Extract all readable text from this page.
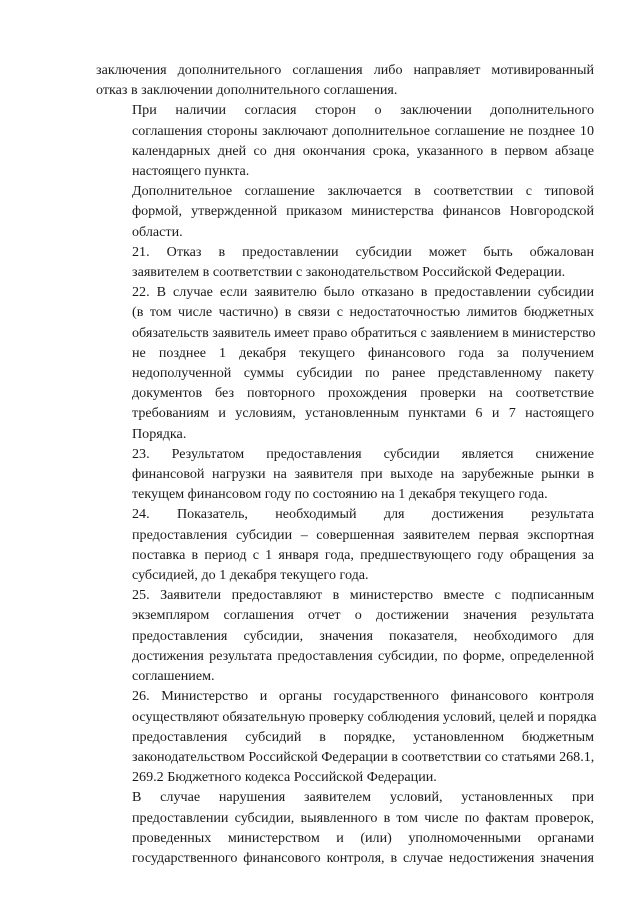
заключения дополнительного соглашения либо направляет мотивированный
отказ в заключении дополнительного соглашения.
При наличии согласия сторон о заключении дополнительного
соглашения стороны заключают дополнительное соглашение не позднее 10
календарных дней со дня окончания срока, указанного в первом абзаце
настоящего пункта.
Дополнительное соглашение заключается в соответствии с типовой
формой, утвержденной приказом министерства финансов Новгородской
области.
21. Отказ в предоставлении субсидии может быть обжалован
заявителем в соответствии с законодательством Российской Федерации.
22. В случае если заявителю было отказано в предоставлении субсидии
(в том числе частично) в связи с недостаточностью лимитов бюджетных
обязательств заявитель имеет право обратиться с заявлением в министерство
не позднее 1 декабря текущего финансового года за получением
недополученной суммы субсидии по ранее представленному пакету
документов без повторного прохождения проверки на соответствие
требованиям и условиям, установленным пунктами 6 и 7 настоящего
Порядка.
23. Результатом предоставления субсидии является снижение
финансовой нагрузки на заявителя при выходе на зарубежные рынки в
текущем финансовом году по состоянию на 1 декабря текущего года.
24. Показатель, необходимый для достижения результата
предоставления субсидии – совершенная заявителем первая экспортная
поставка в период с 1 января года, предшествующего году обращения за
субсидией, до 1 декабря текущего года.
25. Заявители предоставляют в министерство вместе с подписанным
экземпляром соглашения отчет о достижении значения результата
предоставления субсидии, значения показателя, необходимого для
достижения результата предоставления субсидии, по форме, определенной
соглашением.
26. Министерство и органы государственного финансового контроля
осуществляют обязательную проверку соблюдения условий, целей и порядка
предоставления субсидий в порядке, установленном бюджетным
законодательством Российской Федерации в соответствии со статьями 268.1,
269.2 Бюджетного кодекса Российской Федерации.
В случае нарушения заявителем условий, установленных при
предоставлении субсидии, выявленного в том числе по фактам проверок,
проведенных министерством и (или) уполномоченными органами
государственного финансового контроля, в случае недостижения значения
